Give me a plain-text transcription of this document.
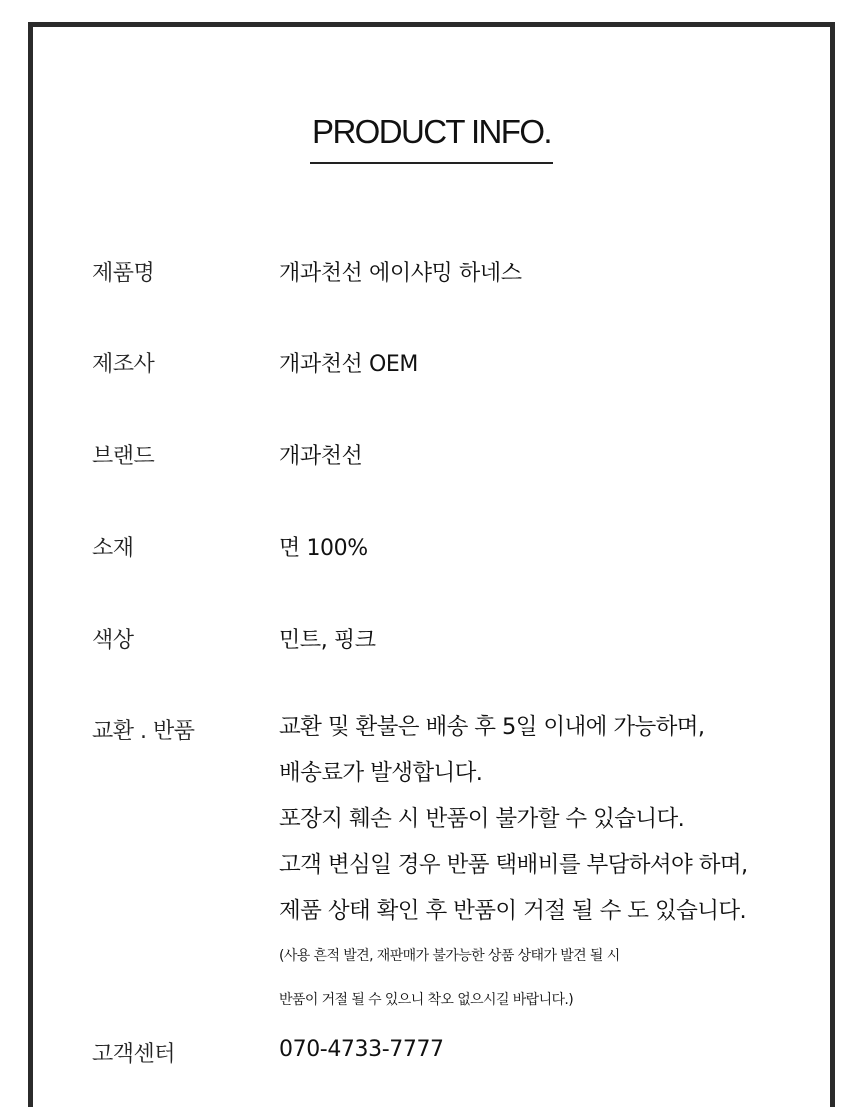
PRODUCT INFO.
제품명	개과천선 에이샤밍 하네스
제조사	개과천선 OEM
브랜드	개과천선
소재	면 100%
색상	민트, 핑크
교환 . 반품	교환 및 환불은 배송 후 5일 이내에 가능하며,
배송료가 발생합니다.
포장지 훼손 시 반품이 불가할 수 있습니다.
고객 변심일 경우 반품 택배비를 부담하셔야 하며,
제품 상태 확인 후 반품이 거절 될 수 도 있습니다.
(사용 흔적 발견, 재판매가 불가능한 상품 상태가 발견 될 시
반품이 거절 될 수 있으니 착오 없으시길 바랍니다.)
고객센터	070-4733-7777
